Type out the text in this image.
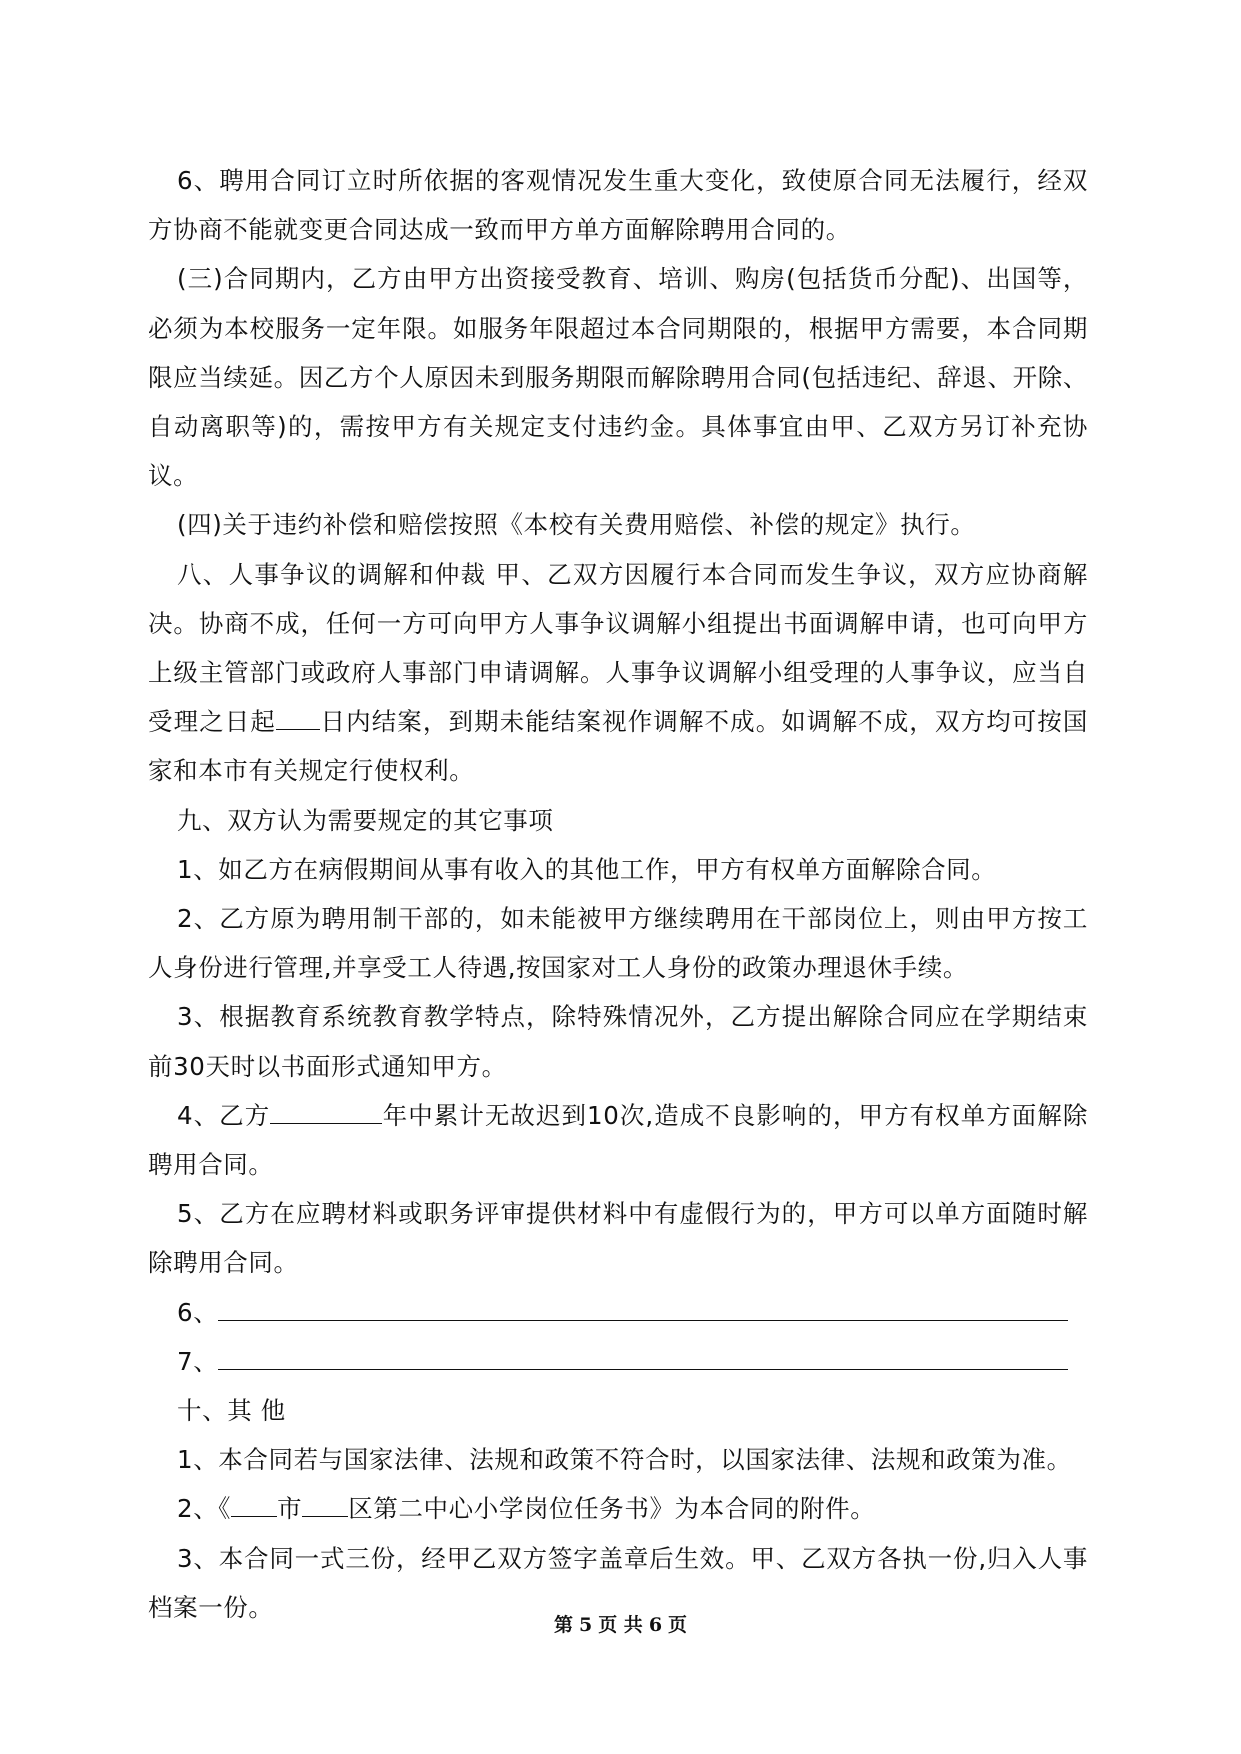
6、聘用合同订立时所依据的客观情况发生重大变化，致使原合同无法履行，经双方协商不能就变更合同达成一致而甲方单方面解除聘用合同的。

(三)合同期内，乙方由甲方出资接受教育、培训、购房(包括货币分配)、出国等，必须为本校服务一定年限。如服务年限超过本合同期限的，根据甲方需要，本合同期限应当续延。因乙方个人原因未到服务期限而解除聘用合同(包括违纪、辞退、开除、自动离职等)的，需按甲方有关规定支付违约金。具体事宜由甲、乙双方另订补充协议。

(四)关于违约补偿和赔偿按照《本校有关费用赔偿、补偿的规定》执行。

八、人事争议的调解和仲裁 甲、乙双方因履行本合同而发生争议，双方应协商解决。协商不成，任何一方可向甲方人事争议调解小组提出书面调解申请，也可向甲方上级主管部门或政府人事部门申请调解。人事争议调解小组受理的人事争议，应当自受理之日起 日内结案，到期未能结案视作调解不成。如调解不成，双方均可按国家和本市有关规定行使权利。

九、双方认为需要规定的其它事项

1、如乙方在病假期间从事有收入的其他工作，甲方有权单方面解除合同。

2、乙方原为聘用制干部的，如未能被甲方继续聘用在干部岗位上，则由甲方按工人身份进行管理,并享受工人待遇,按国家对工人身份的政策办理退休手续。

3、根据教育系统教育教学特点，除特殊情况外，乙方提出解除合同应在学期结束前30天时以书面形式通知甲方。

4、乙方	年中累计无故迟到10次,造成不良影响的，甲方有权单方面解除聘用合同。

5、乙方在应聘材料或职务评审提供材料中有虚假行为的，甲方可以单方面随时解除聘用合同。

6、

7、

十、其 他

1、本合同若与国家法律、法规和政策不符合时，以国家法律、法规和政策为准。

2、《 市 区第二中心小学岗位任务书》为本合同的附件。

3、本合同一式三份，经甲乙双方签字盖章后生效。甲、乙双方各执一份,归入人事档案一份。

第 5 页 共 6 页
